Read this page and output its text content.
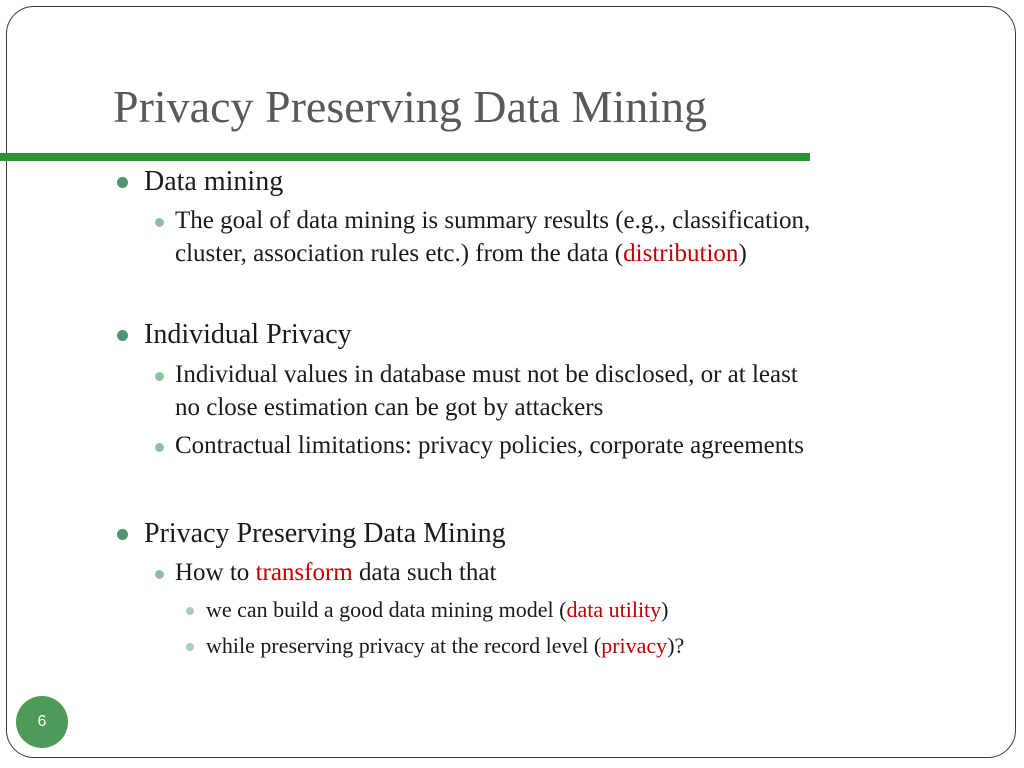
Privacy Preserving Data Mining
Data mining
The goal of data mining is summary results (e.g., classification,
cluster, association rules etc.) from the data (distribution)
Individual Privacy
Individual values in database must not be disclosed, or at least
no close estimation can be got by attackers
Contractual limitations: privacy policies, corporate agreements
Privacy Preserving Data Mining
How to transform data such that
we can build a good data mining model (data utility)
while preserving privacy at the record level (privacy)?
6
